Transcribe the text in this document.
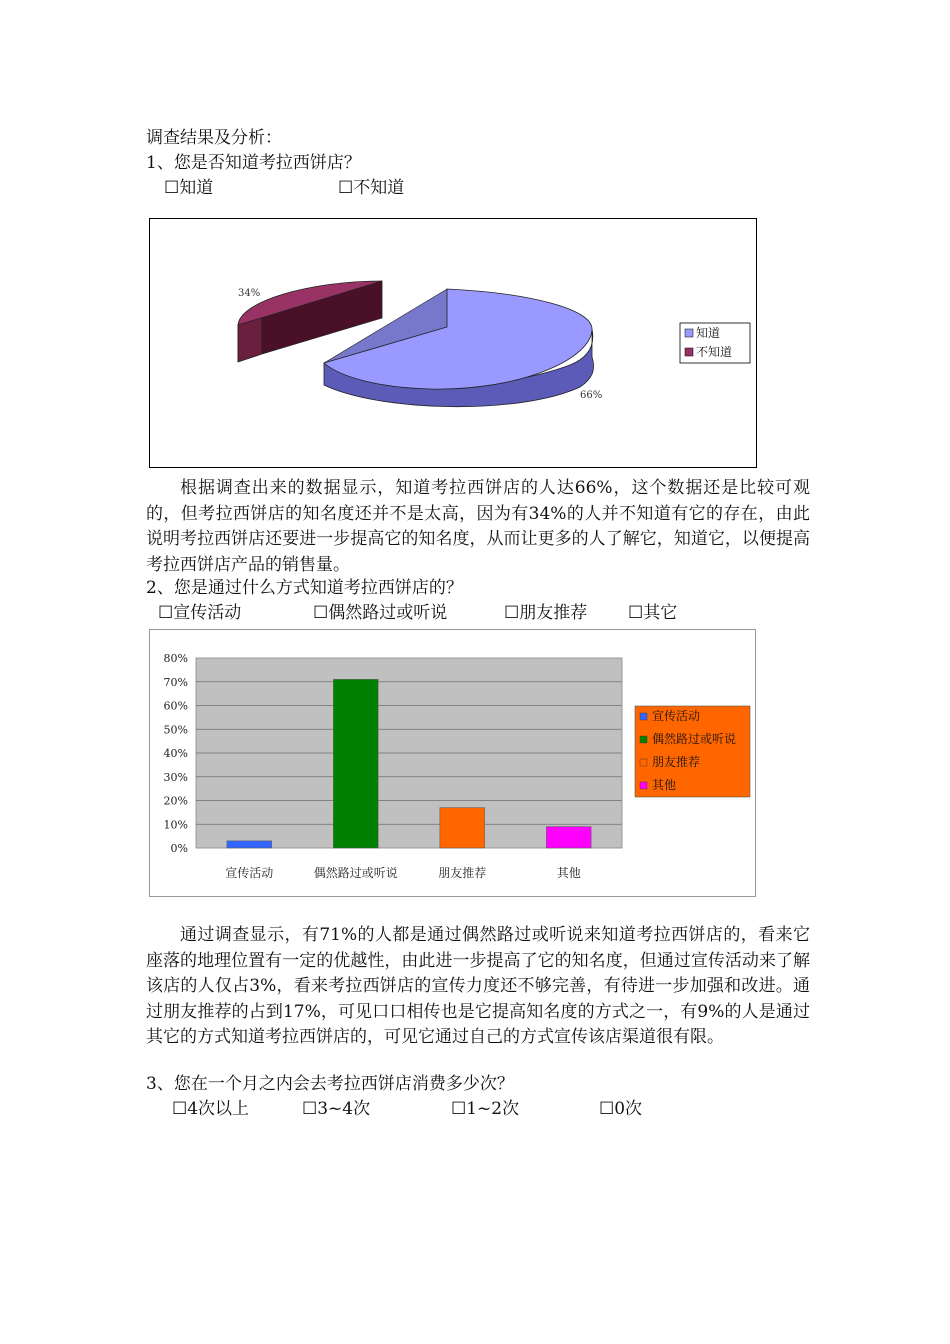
调查结果及分析：
1、您是否知道考拉西饼店？
☐知道	☐不知道
34%
66%
知道
不知道
根据调查出来的数据显示，知道考拉西饼店的人达66%，这个数据还是比较可观的，但考拉西饼店的知名度还并不是太高，因为有34%的人并不知道有它的存在，由此说明考拉西饼店还要进一步提高它的知名度，从而让更多的人了解它，知道它，以便提高考拉西饼店产品的销售量。
2、您是通过什么方式知道考拉西饼店的？
☐宣传活动	☐偶然路过或听说	☐朋友推荐 ☐其它
0%
10%
20%
30%
40%
50%
60%
70%
80%
宣传活动	偶然路过或听说	朋友推荐	其他
宣传活动
偶然路过或听说
朋友推荐
其他
通过调查显示，有71%的人都是通过偶然路过或听说来知道考拉西饼店的，看来它座落的地理位置有一定的优越性，由此进一步提高了它的知名度，但通过宣传活动来了解该店的人仅占3%，看来考拉西饼店的宣传力度还不够完善，有待进一步加强和改进。通过朋友推荐的占到17%，可见口口相传也是它提高知名度的方式之一，有9%的人是通过其它的方式知道考拉西饼店的，可见它通过自己的方式宣传该店渠道很有限。
3、您在一个月之内会去考拉西饼店消费多少次？
☐4次以上	☐3~4次	☐1~2次	☐0次
